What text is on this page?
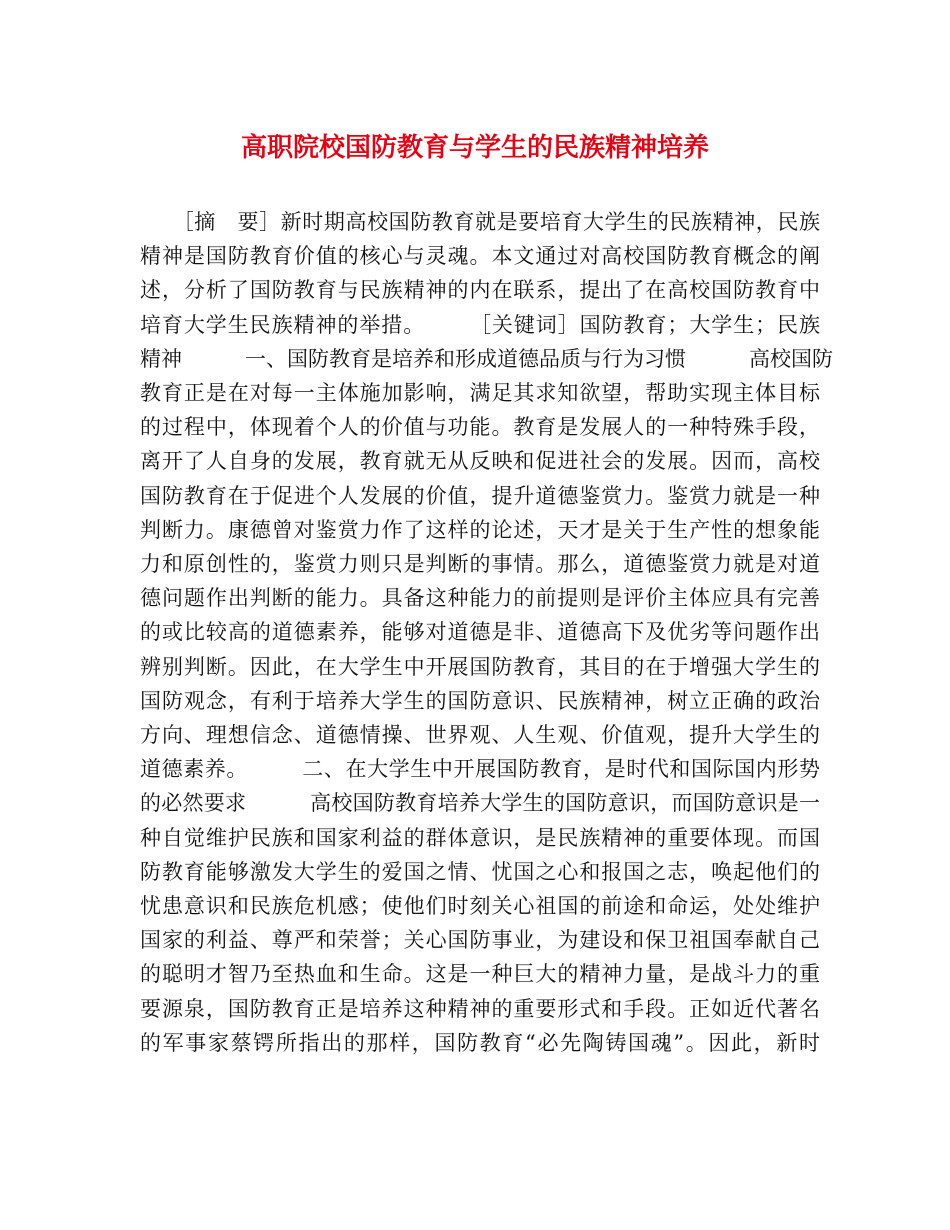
高职院校国防教育与学生的民族精神培养
　　［摘　要］新时期高校国防教育就是要培育大学生的民族精神，民族
精神是国防教育价值的核心与灵魂。本文通过对高校国防教育概念的阐
述，分析了国防教育与民族精神的内在联系，提出了在高校国防教育中
培育大学生民族精神的举措。　　　［关键词］国防教育；大学生；民族
精神　　　一、国防教育是培养和形成道德品质与行为习惯　　　高校国防
教育正是在对每一主体施加影响，满足其求知欲望，帮助实现主体目标
的过程中，体现着个人的价值与功能。教育是发展人的一种特殊手段，
离开了人自身的发展，教育就无从反映和促进社会的发展。因而，高校
国防教育在于促进个人发展的价值，提升道德鉴赏力。鉴赏力就是一种
判断力。康德曾对鉴赏力作了这样的论述，天才是关于生产性的想象能
力和原创性的，鉴赏力则只是判断的事情。那么，道德鉴赏力就是对道
德问题作出判断的能力。具备这种能力的前提则是评价主体应具有完善
的或比较高的道德素养，能够对道德是非、道德高下及优劣等问题作出
辨别判断。因此，在大学生中开展国防教育，其目的在于增强大学生的
国防观念，有利于培养大学生的国防意识、民族精神，树立正确的政治
方向、理想信念、道德情操、世界观、人生观、价值观，提升大学生的
道德素养。　　　二、在大学生中开展国防教育，是时代和国际国内形势
的必然要求　　　高校国防教育培养大学生的国防意识，而国防意识是一
种自觉维护民族和国家利益的群体意识，是民族精神的重要体现。而国
防教育能够激发大学生的爱国之情、忧国之心和报国之志，唤起他们的
忧患意识和民族危机感；使他们时刻关心祖国的前途和命运，处处维护
国家的利益、尊严和荣誉；关心国防事业，为建设和保卫祖国奉献自己
的聪明才智乃至热血和生命。这是一种巨大的精神力量，是战斗力的重
要源泉，国防教育正是培养这种精神的重要形式和手段。正如近代著名
的军事家蔡锷所指出的那样，国防教育“必先陶铸国魂”。因此，新时
